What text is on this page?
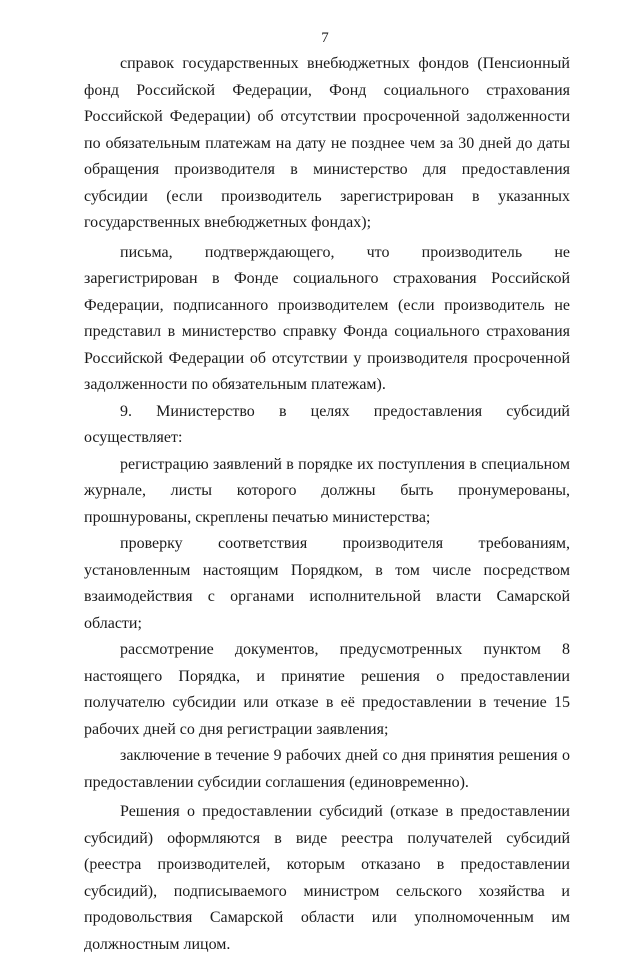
7

справок государственных внебюджетных фондов (Пенсионный фонд Российской Федерации, Фонд социального страхования Российской Федерации) об отсутствии просроченной задолженности по обязательным платежам на дату не позднее чем за 30 дней до даты обращения производителя в министерство для предоставления субсидии (если производитель зарегистрирован в указанных государственных внебюджетных фондах);

письма, подтверждающего, что производитель не зарегистрирован в Фонде социального страхования Российской Федерации, подписанного производителем (если производитель не представил в министерство справку Фонда социального страхования Российской Федерации об отсутствии у производителя просроченной задолженности по обязательным платежам).

9. Министерство в целях предоставления субсидий осуществляет:

регистрацию заявлений в порядке их поступления в специальном журнале, листы которого должны быть пронумерованы, прошнурованы, скреплены печатью министерства;

проверку соответствия производителя требованиям, установленным настоящим Порядком, в том числе посредством взаимодействия с органами исполнительной власти Самарской области;

рассмотрение документов, предусмотренных пунктом 8 настоящего Порядка, и принятие решения о предоставлении получателю субсидии или отказе в её предоставлении в течение 15 рабочих дней со дня регистрации заявления;

заключение в течение 9 рабочих дней со дня принятия решения о предоставлении субсидии соглашения (единовременно).

Решения о предоставлении субсидий (отказе в предоставлении субсидий) оформляются в виде реестра получателей субсидий (реестра производителей, которым отказано в предоставлении субсидий), подписываемого министром сельского хозяйства и продовольствия Самарской области или уполномоченным им должностным лицом.
